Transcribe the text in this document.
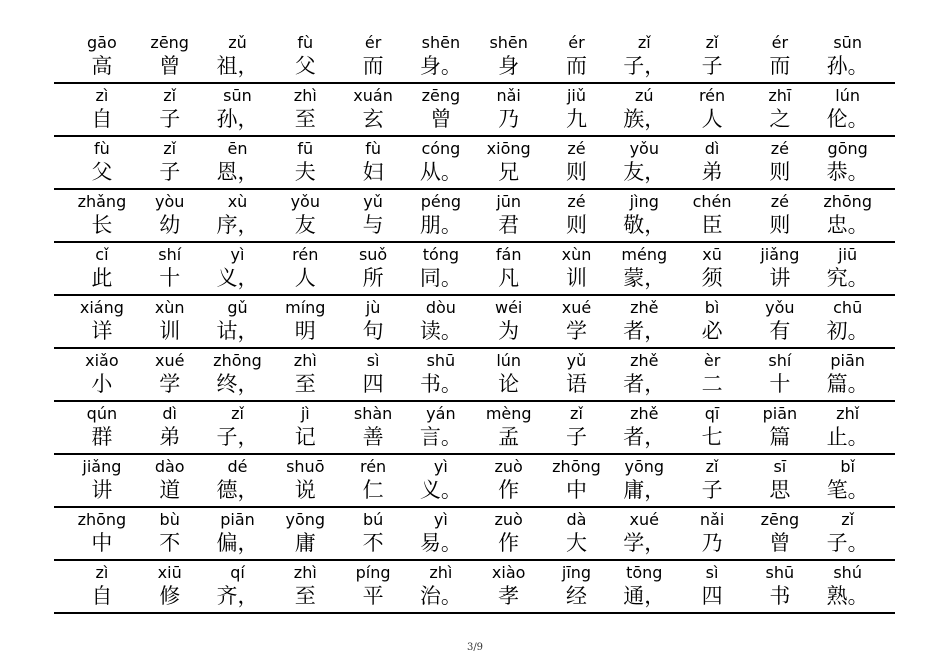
gāo
高
zēng
曾
zǔ
祖，
fù
父
ér
而
shēn
身。
shēn
身
ér
而
zǐ
子，
zǐ
子
ér
而
sūn
孙。
zì
自
zǐ
子
sūn
孙，
zhì
至
xuán
玄
zēng
曾
nǎi
乃
jiǔ
九
zú
族，
rén
人
zhī
之
lún
伦。
fù
父
zǐ
子
ēn
恩，
fū
夫
fù
妇
cóng
从。
xiōng
兄
zé
则
yǒu
友，
dì
弟
zé
则
gōng
恭。
zhǎng
长
yòu
幼
xù
序，
yǒu
友
yǔ
与
péng
朋。
jūn
君
zé
则
jìng
敬，
chén
臣
zé
则
zhōng
忠。
cǐ
此
shí
十
yì
义，
rén
人
suǒ
所
tóng
同。
fán
凡
xùn
训
méng
蒙，
xū
须
jiǎng
讲
jiū
究。
xiáng
详
xùn
训
gǔ
诂，
míng
明
jù
句
dòu
读。
wéi
为
xué
学
zhě
者，
bì
必
yǒu
有
chū
初。
xiǎo
小
xué
学
zhōng
终，
zhì
至
sì
四
shū
书。
lún
论
yǔ
语
zhě
者，
èr
二
shí
十
piān
篇。
qún
群
dì
弟
zǐ
子，
jì
记
shàn
善
yán
言。
mèng
孟
zǐ
子
zhě
者，
qī
七
piān
篇
zhǐ
止。
jiǎng
讲
dào
道
dé
德，
shuō
说
rén
仁
yì
义。
zuò
作
zhōng
中
yōng
庸，
zǐ
子
sī
思
bǐ
笔。
zhōng
中
bù
不
piān
偏，
yōng
庸
bú
不
yì
易。
zuò
作
dà
大
xué
学，
nǎi
乃
zēng
曾
zǐ
子。
zì
自
xiū
修
qí
齐，
zhì
至
píng
平
zhì
治。
xiào
孝
jīng
经
tōng
通，
sì
四
shū
书
shú
熟。
3/9
